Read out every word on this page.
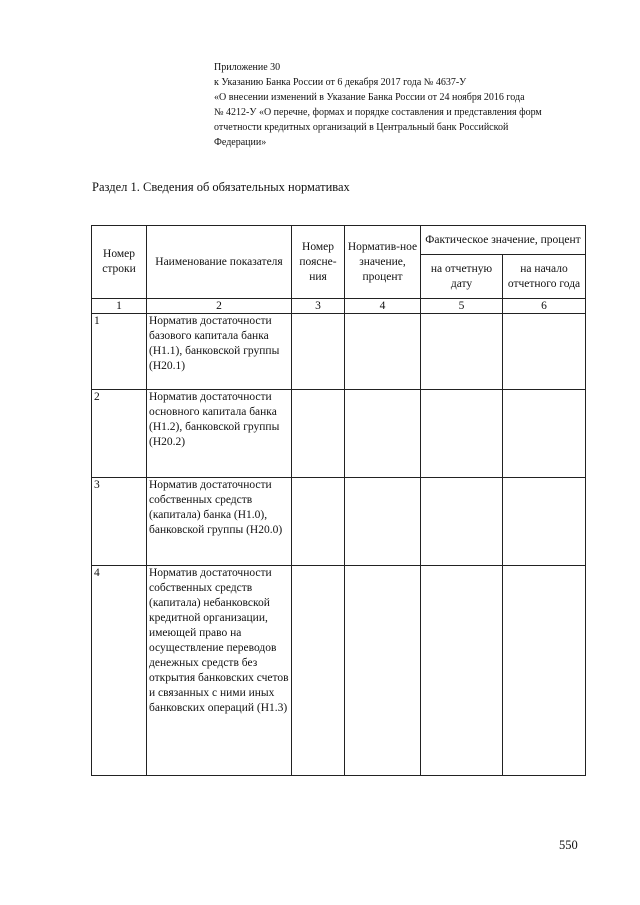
Приложение 30
к Указанию Банка России от 6 декабря 2017 года № 4637-У
«О внесении изменений в Указание Банка России от 24 ноября 2016 года
№ 4212-У «О перечне, формах и порядке составления и представления форм
отчетности кредитных организаций в Центральный банк Российской
Федерации»
Раздел 1. Сведения об обязательных нормативах
Номер строки	Наименование показателя	Номер поясне-ния	Норматив-ное значение, процент	Фактическое значение, процент	
				на отчетную дату	на начало отчетного года
1	2	3	4	5	6
1	Норматив достаточности базового капитала банка (Н1.1), банковской группы (Н20.1)				
2	Норматив достаточности основного капитала банка (Н1.2), банковской группы (Н20.2)				
3	Норматив достаточности собственных средств (капитала) банка (Н1.0), банковской группы (Н20.0)				
4	Норматив достаточности собственных средств (капитала) небанковской кредитной организации, имеющей право на осуществление переводов денежных средств без открытия банковских счетов и связанных с ними иных банковских операций (Н1.3)				
550
